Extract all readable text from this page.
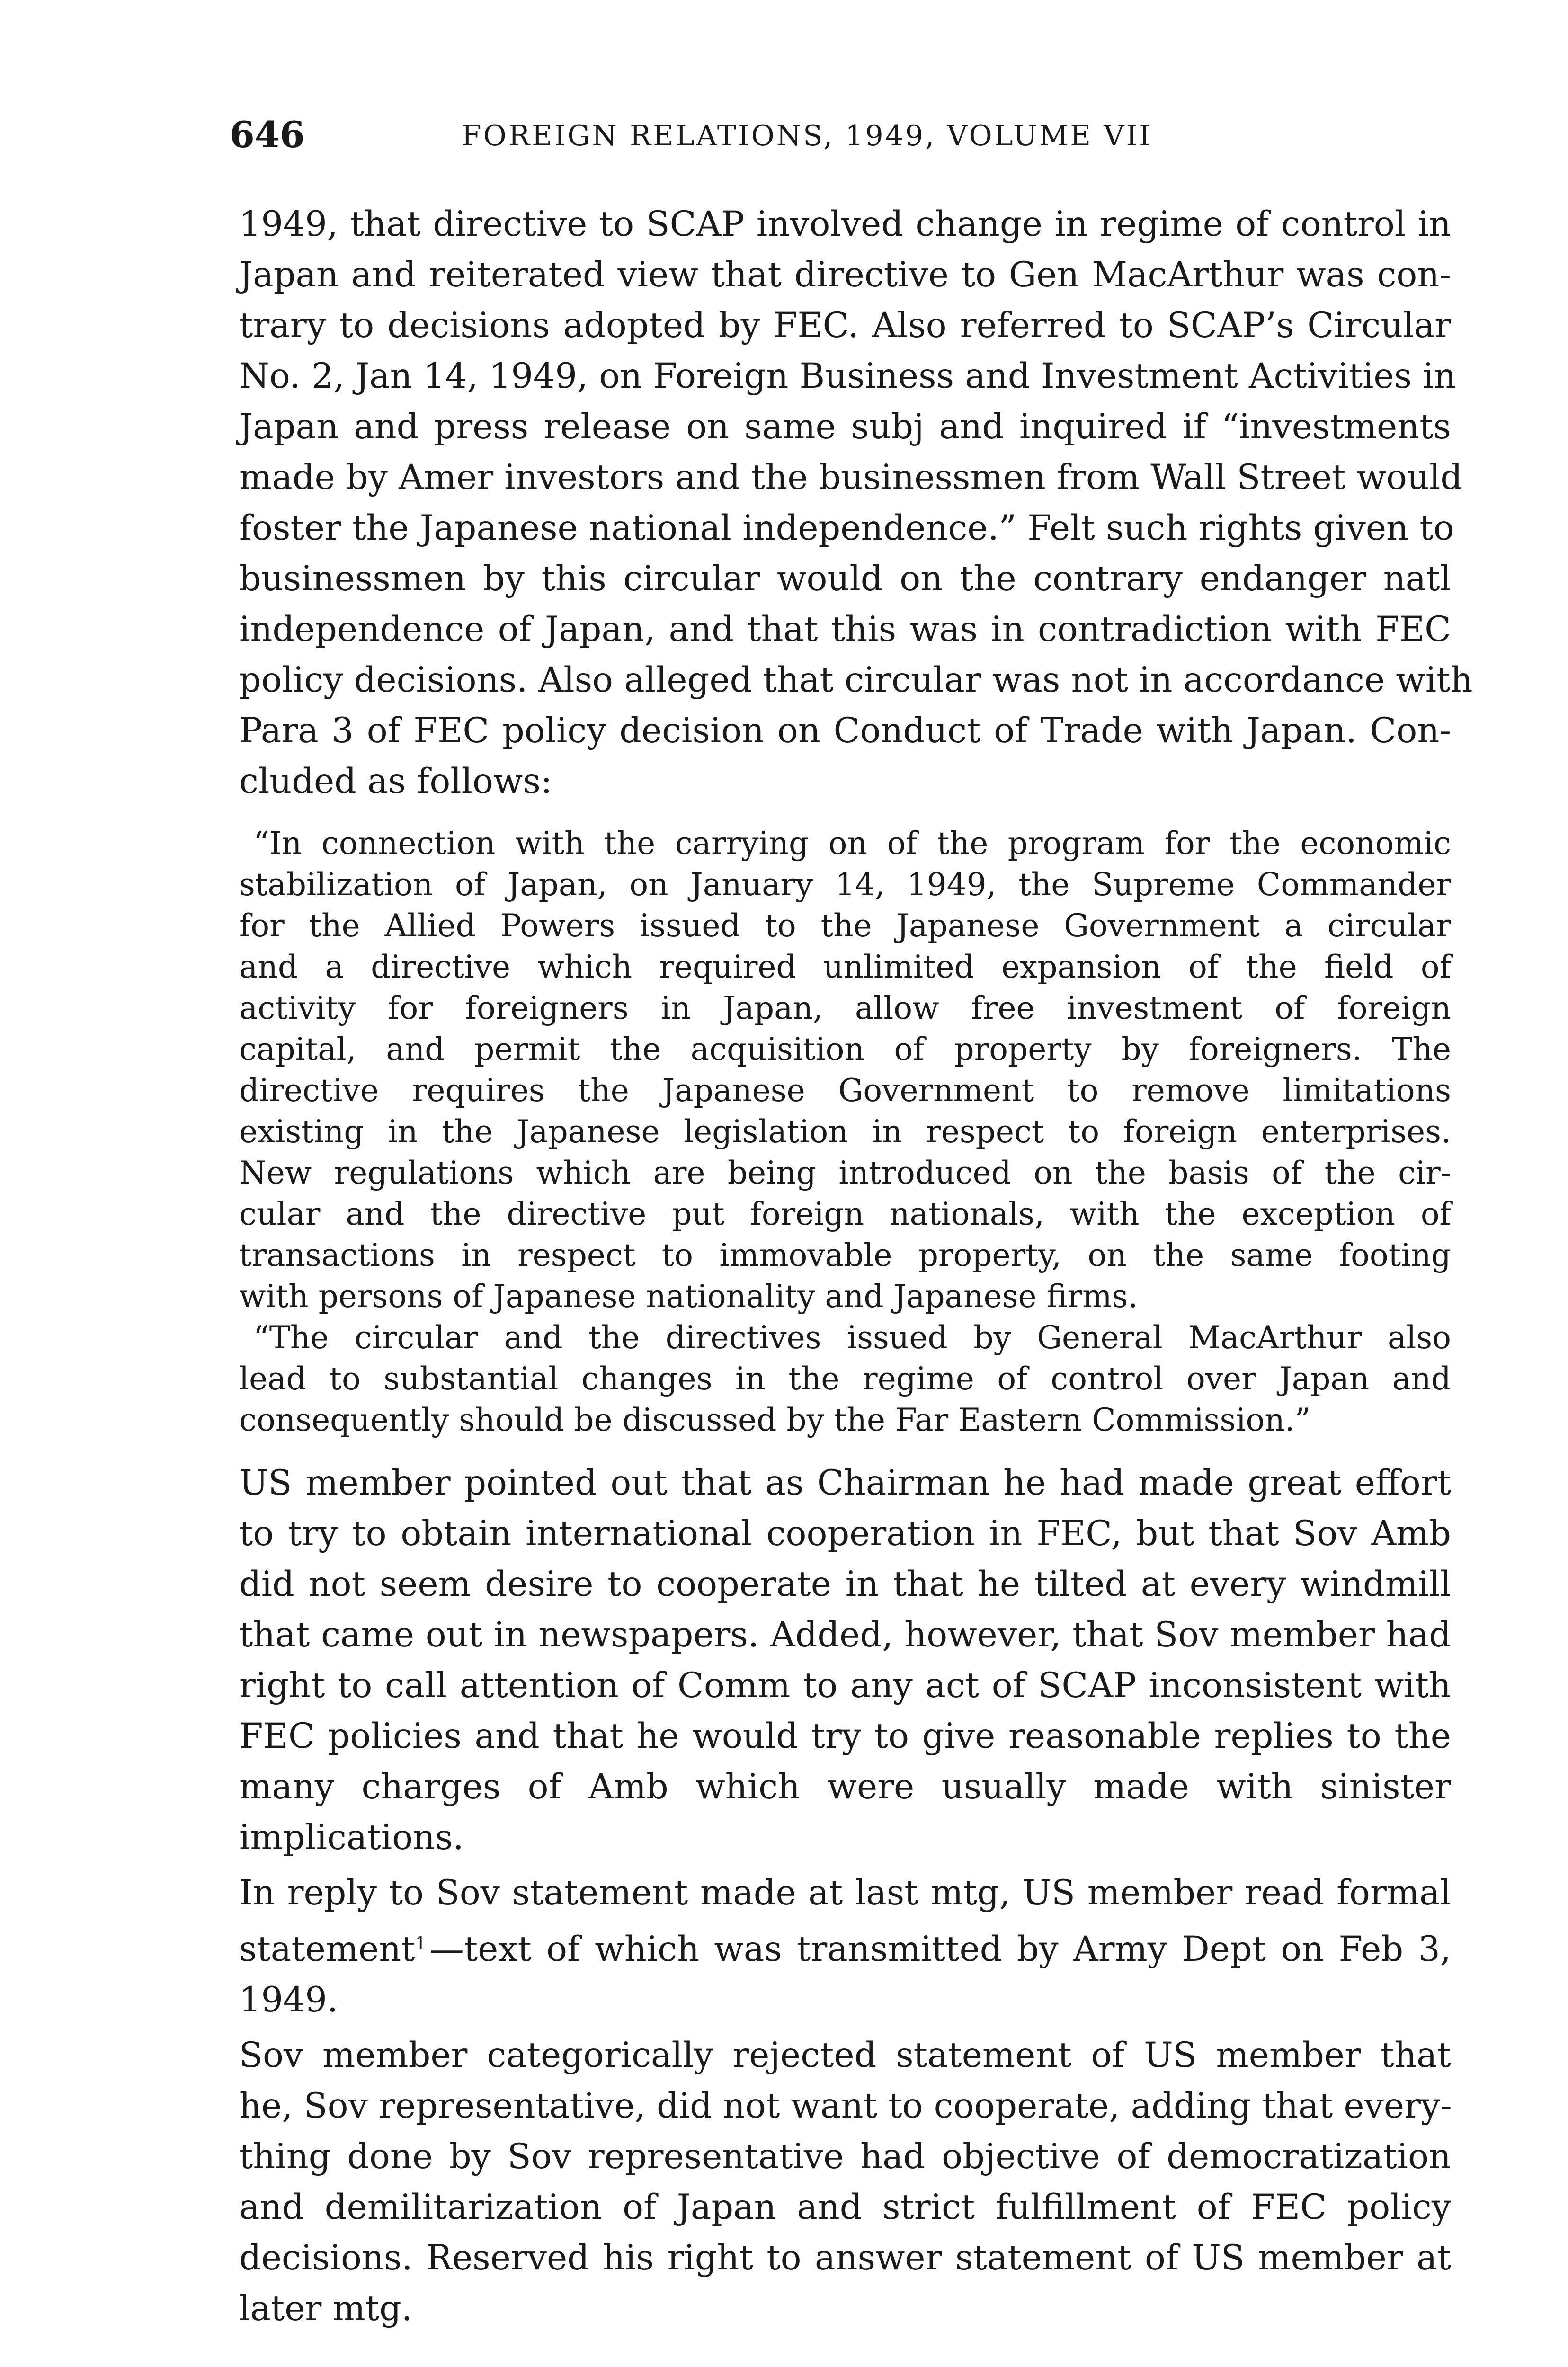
646	FOREIGN RELATIONS, 1949, VOLUME VII
1949, that directive to SCAP involved change in regime of control in
Japan and reiterated view that directive to Gen MacArthur was con-
trary to decisions adopted by FEC. Also referred to SCAP’s Circular
No. 2, Jan 14, 1949, on Foreign Business and Investment Activities in
Japan and press release on same subj and inquired if “investments
made by Amer investors and the businessmen from Wall Street would
foster the Japanese national independence.” Felt such rights given to
businessmen by this circular would on the contrary endanger natl
independence of Japan, and that this was in contradiction with FEC
policy decisions. Also alleged that circular was not in accordance with
Para 3 of FEC policy decision on Conduct of Trade with Japan. Con-
cluded as follows:
“In connection with the carrying on of the program for the economic
stabilization of Japan, on January 14, 1949, the Supreme Commander
for the Allied Powers issued to the Japanese Government a circular
and a directive which required unlimited expansion of the field of
activity for foreigners in Japan, allow free investment of foreign
capital, and permit the acquisition of property by foreigners. The
directive requires the Japanese Government to remove limitations
existing in the Japanese legislation in respect to foreign enterprises.
New regulations which are being introduced on the basis of the cir-
cular and the directive put foreign nationals, with the exception of
transactions in respect to immovable property, on the same footing
with persons of Japanese nationality and Japanese firms.
“The circular and the directives issued by General MacArthur also
lead to substantial changes in the regime of control over Japan and
consequently should be discussed by the Far Eastern Commission.”
US member pointed out that as Chairman he had made great effort
to try to obtain international cooperation in FEC, but that Sov Amb
did not seem desire to cooperate in that he tilted at every windmill
that came out in newspapers. Added, however, that Sov member had
right to call attention of Comm to any act of SCAP inconsistent with
FEC policies and that he would try to give reasonable replies to the
many charges of Amb which were usually made with sinister
implications.
In reply to Sov statement made at last mtg, US member read formal
statement$^1$—text of which was transmitted by Army Dept on Feb 3,
1949.
Sov member categorically rejected statement of US member that
he, Sov representative, did not want to cooperate, adding that every-
thing done by Sov representative had objective of democratization
and demilitarization of Japan and strict fulfillment of FEC policy
decisions. Reserved his right to answer statement of US member at
later mtg.
